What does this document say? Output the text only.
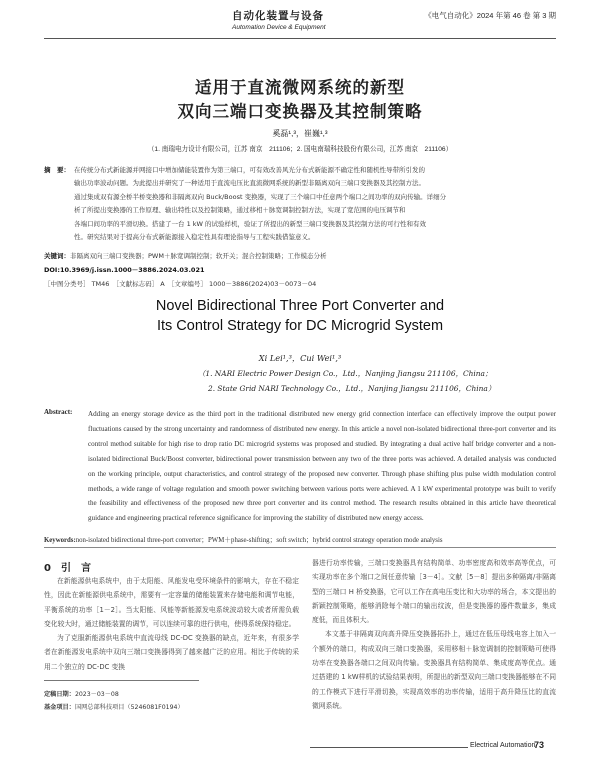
自动化装置与设备
Automation Device & Equipment
《电气自动化》2024 年第 46 卷 第 3 期
适用于直流微网系统的新型
双向三端口变换器及其控制策略
奚磊¹,³，崔巍¹,³
（1. 南瑞电力设计有限公司，江苏 南京　211106；2. 国电南瑞科技股份有限公司，江苏 南京　211106）
摘　要： 在传统分布式新能源并网接口中增加储能装置作为第三端口，可有效改善风光分布式新能源不确定性和随机性导带所引发的
输出功率波动问题。为此提出并研究了一种适用于直流电压比直流微网系统的新型非隔离双向三端口变换器及其控制方法。
通过集成双有源全桥半桥变换器和非隔离双向 Buck/Boost 变换器，实现了三个端口中任意两个端口之间功率的双向传输。详细分
析了所提出变换器的工作原理、输出特性以及控制策略，通过移相＋脉宽调制控制方法，实现了宽范围的电压调节和
各端口间功率的平滑切换。搭建了一台 1 kW 的试验样机，验证了所提出的新型三端口变换器及其控制方法的可行性和有效
性。研究结果对于提高分布式新能源接入稳定性具有理论指导与工程实践借鉴意义。
关键词：非隔离双向三端口变换器；PWM＋脉宽调制控制；软开关；混合控制策略；工作模态分析
DOI:10.3969/j.issn.1000－3886.2024.03.021
［中图分类号］ TM46　［文献标志码］ A　［文章编号］ 1000－3886(2024)03－0073－04
Novel Bidirectional Three Port Converter and
Its Control Strategy for DC Microgrid System
Xi Lei¹,³，Cui Wei¹,³
（1. NARI Electric Power Design Co.，Ltd.，Nanjing Jiangsu 211106，China；
2. State Grid NARI Technology Co.，Ltd.，Nanjing Jiangsu 211106，China）
Abstract: Adding an energy storage device as the third port in the traditional distributed new energy grid connection interface can effectively improve the output power fluctuations caused by the strong uncertainty and randomness of distributed new energy. In this article a novel non-isolated bidirectional three-port converter and its control method suitable for high rise to drop ratio DC microgrid systems was proposed and studied. By integrating a dual active half bridge converter and a non-isolated bidirectional Buck/Boost converter, bidirectional power transmission between any two of the three ports was achieved. A detailed analysis was conducted on the working principle, output characteristics, and control strategy of the proposed new converter. Through phase shifting plus pulse width modulation control methods, a wide range of voltage regulation and smooth power switching between various ports were achieved. A 1 kW experimental prototype was built to verify the feasibility and effectiveness of the proposed new three port converter and its control method. The research results obtained in this article have theoretical guidance and engineering practical reference significance for improving the stability of distributed new energy access.
Keywords:non-isolated bidirectional three-port converter；PWM＋phase-shifting；soft switch；hybrid control strategy operation mode analysis
0　引　言

在新能源供电系统中，由于太阳能、风能发电受环境条件的影响大，存在不稳定性，因此在新能源供电系统中，需要有一定容量的储能装置来存储电能和调节电能，平衡系统的功率［1－2］。当太阳能、风能等新能源发电系统波动较大或者所需负载变化较大时，通过储能装置的调节，可以连续可靠的进行供电，使得系统保持稳定。

为了克服新能源供电系统中直流母线 DC-DC 变换器的缺点，近年来，有很多学者在新能源发电系统中双向三端口变换器得到了越来越广泛的应用。相比于传统的采用二个独立的 DC-DC 变换

器进行功率传输，三端口变换器具有结构简单、功率密度高和效率高等优点，可实现功率在多个端口之间任意传输［3－4］。文献［5－8］提出多种隔离/非隔离型的三端口 H 桥变换器，它可以工作在高电压变比和大功率的场合，本文提出的新颖控制策略，能够消除每个端口的输出纹波，但是变换器的器件数量多，集成度低，而且体积大。

本文基于非隔离双向高升降压变换器拓扑上，通过在低压母线电容上加入一个额外的端口，构成双向三端口变换器，采用移相＋脉宽调制的控制策略可使得功率在变换器各端口之间双向传输。变换器具有结构简单、集成度高等优点。通过搭建的 1 kW样机的试验结果表明，所提出的新型双向三端口变换器能够在不同的工作模式下进行平滑切换，实现高效率的功率传输，适用于高升降压比的直流微网系统。

定稿日期：2023－03－08
基金项目：国网总部科技项目（5246081F0194）
Electrical Automation
73
